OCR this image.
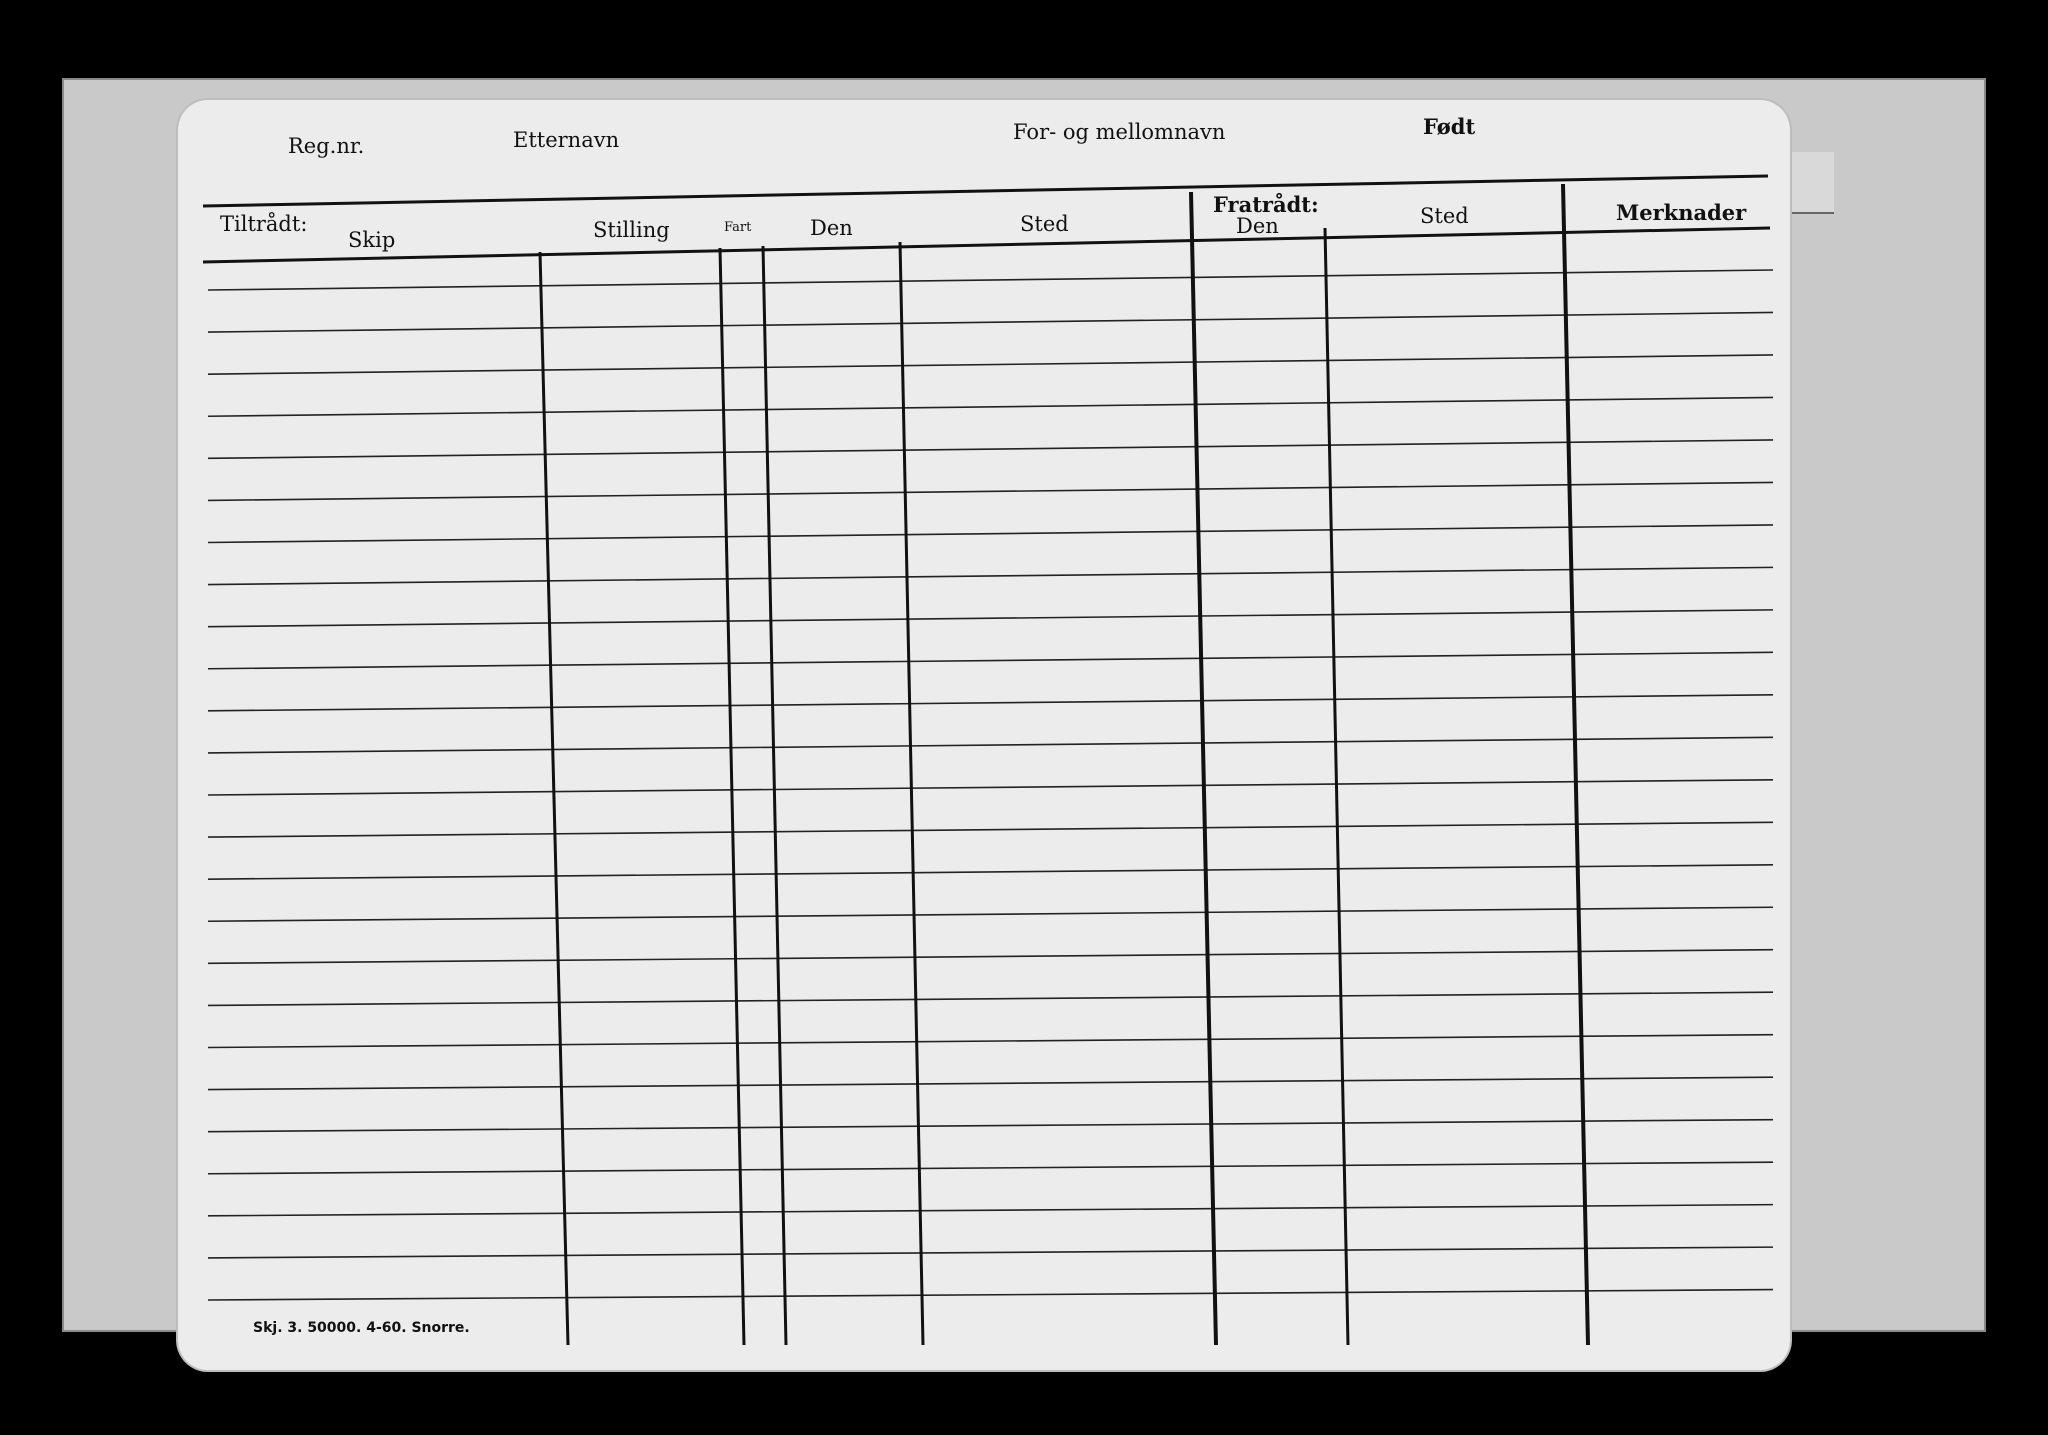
Reg.nr.	Etternavn	For- og mellomnavn	Født
Tiltrådt:
Skip	Stilling	Fart	Den	Sted
Fratrådt:
Den	Sted	Merknader
Skj. 3. 50000. 4-60. Snorre.
